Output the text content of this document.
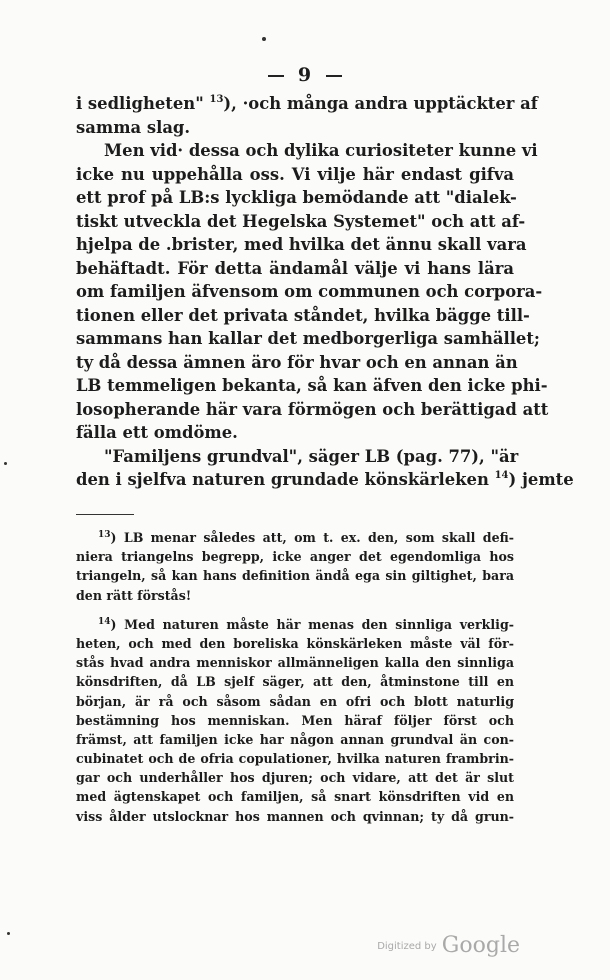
9
i sedligheten" $^{13}$), ·och många andra upptäckter af
samma slag.
Men vid· dessa och dylika curiositeter kunne vi
icke nu uppehålla oss. Vi vilje här endast gifva
ett prof på LB:s lyckliga bemödande att "dialek-
tiskt utveckla det Hegelska Systemet" och att af-
hjelpa de .brister, med hvilka det ännu skall vara
behäftadt. För detta ändamål välje vi hans lära
om familjen äfvensom om communen och corpora-
tionen eller det privata ståndet, hvilka bägge till-
sammans han kallar det medborgerliga samhället;
ty då dessa ämnen äro för hvar och en annan än
LB temmeligen bekanta, så kan äfven den icke phi-
losopherande här vara förmögen och berättigad att
fälla ett omdöme.
"Familjens grundval", säger LB (pag. 77), "är
den i sjelfva naturen grundade könskärleken $^{14}$) jemte
$^{13}$) LB menar således att, om t. ex. den, som skall defi-
niera triangelns begrepp, icke anger det egendomliga hos
triangeln, så kan hans definition ändå ega sin giltighet, bara
den rätt förstås!
$^{14}$) Med naturen måste här menas den sinnliga verklig-
heten, och med den boreliska könskärleken måste väl för-
stås hvad andra menniskor allmänneligen kalla den sinnliga
könsdriften, då LB sjelf säger, att den, åtminstone till en
början, är rå och såsom sådan en ofri och blott naturlig
bestämning hos menniskan. Men häraf följer först och
främst, att familjen icke har någon annan grundval än con-
cubinatet och de ofria copulationer, hvilka naturen frambrin-
gar och underhåller hos djuren; och vidare, att det är slut
med ägtenskapet och familjen, så snart könsdriften vid en
viss ålder utslocknar hos mannen och qvinnan; ty då grun-
Digitized by Google
